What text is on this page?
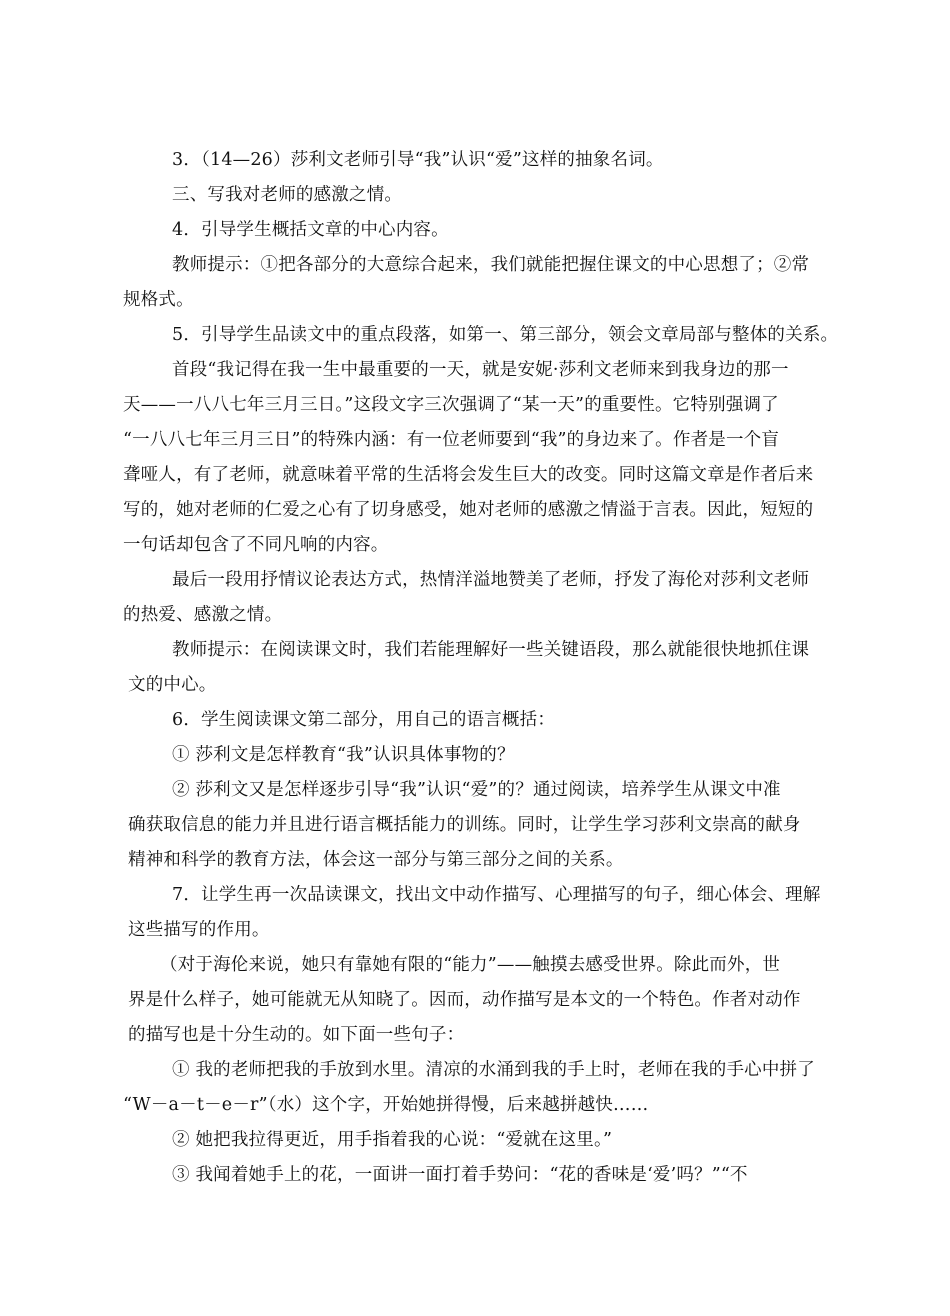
3．（14—26）莎利文老师引导“我”认识“爱”这样的抽象名词。
三、写我对老师的感激之情。
4．引导学生概括文章的中心内容。
教师提示：①把各部分的大意综合起来，我们就能把握住课文的中心思想了；②常
规格式。
5．引导学生品读文中的重点段落，如第一、第三部分，领会文章局部与整体的关系。
首段“我记得在我一生中最重要的一天，就是安妮·莎利文老师来到我身边的那一
天——一八八七年三月三日。”这段文字三次强调了“某一天”的重要性。它特别强调了
“一八八七年三月三日”的特殊内涵：有一位老师要到“我”的身边来了。作者是一个盲
聋哑人，有了老师，就意味着平常的生活将会发生巨大的改变。同时这篇文章是作者后来
写的，她对老师的仁爱之心有了切身感受，她对老师的感激之情溢于言表。因此，短短的
一句话却包含了不同凡响的内容。
最后一段用抒情议论表达方式，热情洋溢地赞美了老师，抒发了海伦对莎利文老师
的热爱、感激之情。
教师提示：在阅读课文时，我们若能理解好一些关键语段，那么就能很快地抓住课
文的中心。
6．学生阅读课文第二部分，用自己的语言概括：
① 莎利文是怎样教育“我”认识具体事物的？
② 莎利文又是怎样逐步引导“我”认识“爱”的？通过阅读，培养学生从课文中准
确获取信息的能力并且进行语言概括能力的训练。同时，让学生学习莎利文崇高的献身
精神和科学的教育方法，体会这一部分与第三部分之间的关系。
7．让学生再一次品读课文，找出文中动作描写、心理描写的句子，细心体会、理解
这些描写的作用。
（对于海伦来说，她只有靠她有限的“能力”——触摸去感受世界。除此而外，世
界是什么样子，她可能就无从知晓了。因而，动作描写是本文的一个特色。作者对动作
的描写也是十分生动的。如下面一些句子：
① 我的老师把我的手放到水里。清凉的水涌到我的手上时，老师在我的手心中拼了
“W－a－t－e－r”（水）这个字，开始她拼得慢，后来越拼越快……
② 她把我拉得更近，用手指着我的心说：“爱就在这里。”
③ 我闻着她手上的花，一面讲一面打着手势问：“花的香味是‘爱’吗？”“不
